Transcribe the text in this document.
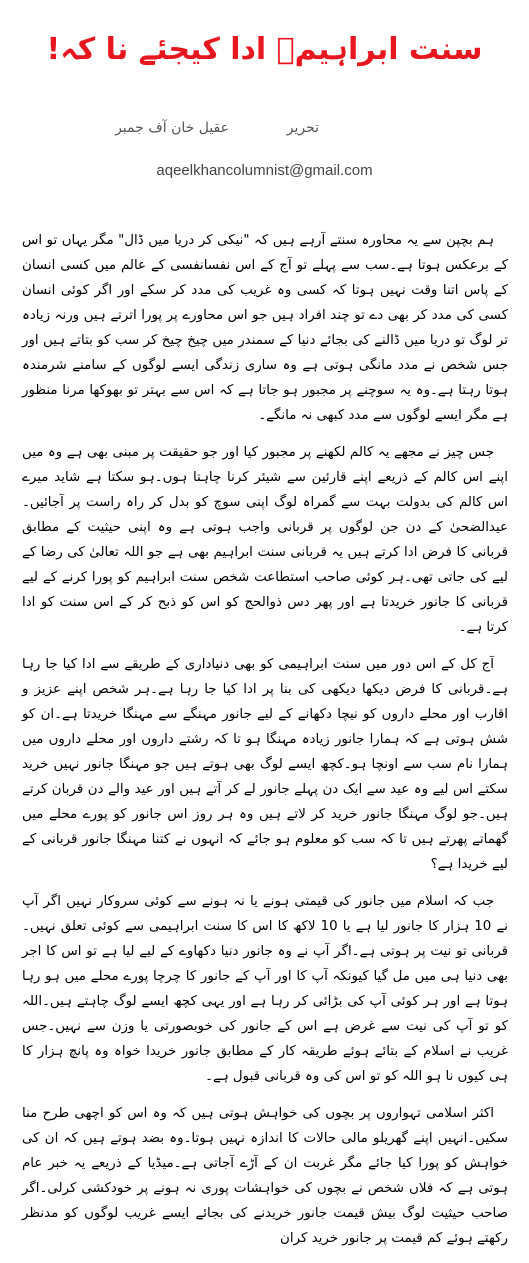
سنت ابراہیمؑ ادا کیجئے نا کہ!
تحریر
عقیل خان آف جمبر
aqeelkhancolumnist@gmail.com

ہم بچپن سے یہ محاورہ سنتے آرہے ہیں کہ "نیکی کر دریا میں ڈال" مگر یہاں تو اس کے برعکس ہوتا ہے۔سب سے پہلے تو آج کے اس نفسانفسی کے عالم میں کسی انسان کے پاس اتنا وقت نہیں ہوتا کہ کسی وہ غریب کی مدد کر سکے اور اگر کوئی انسان کسی کی مدد کر بھی دے تو چند افراد ہیں جو اس محاورے پر پورا اترتے ہیں ورنہ زیادہ تر لوگ تو دریا میں ڈالنے کی بجائے دنیا کے سمندر میں چیخ چیخ کر سب کو بتاتے ہیں اور جس شخص نے مدد مانگی ہوتی ہے وہ ساری زندگی ایسے لوگوں کے سامنے شرمندہ ہوتا رہتا ہے۔وہ یہ سوچنے پر مجبور ہو جاتا ہے کہ اس سے بہتر تو بھوکھا مرنا منظور ہے مگر ایسے لوگوں سے مدد کبھی نہ مانگے۔

جس چیز نے مجھے یہ کالم لکھنے پر مجبور کیا اور جو حقیقت پر مبنی بھی ہے وہ میں اپنے اس کالم کے ذریعے اپنے قارئین سے شیئر کرنا چاہتا ہوں۔ہو سکتا ہے شاید میرے اس کالم کی بدولت بہت سے گمراہ لوگ اپنی سوچ کو بدل کر راہ راست پر آجائیں۔ عیدالضحیٰ کے دن جن لوگوں پر قربانی واجب ہوتی ہے وہ اپنی حیثیت کے مطابق قربانی کا فرض ادا کرتے ہیں یہ قربانی سنت ابراہیم بھی ہے جو اللہ تعالیٰ کی رضا کے لیے کی جاتی تھی۔ہر کوئی صاحب استطاعت شخص سنت ابراہیم کو پورا کرنے کے لیے قربانی کا جانور خریدتا ہے اور پھر دس ذوالحج کو اس کو ذبح کر کے اس سنت کو ادا کرتا ہے۔

آج کل کے اس دور میں سنت ابراہیمی کو بھی دنیاداری کے طریقے سے ادا کیا جا رہا ہے۔قربانی کا فرض دیکھا دیکھی کی بنا پر ادا کیا جا رہا ہے۔ہر شخص اپنے عزیز و اقارب اور محلے داروں کو نیچا دکھانے کے لیے جانور مہنگے سے مہنگا خریدتا ہے۔ان کو شش ہوتی ہے کہ ہمارا جانور زیادہ مہنگا ہو تا کہ رشتے داروں اور محلے داروں میں ہمارا نام سب سے اونچا ہو۔کچھ ایسے لوگ بھی ہوتے ہیں جو مہنگا جانور نہیں خرید سکتے اس لیے وہ عید سے ایک دن پہلے جانور لے کر آتے ہیں اور عید والے دن قربان کرتے ہیں۔جو لوگ مہنگا جانور خرید کر لاتے ہیں وہ ہر روز اس جانور کو پورے محلے میں گھماتے پھرتے ہیں تا کہ سب کو معلوم ہو جائے کہ انہوں نے کتنا مہنگا جانور قربانی کے لیے خریدا ہے؟

جب کہ اسلام میں جانور کی قیمتی ہونے یا نہ ہونے سے کوئی سروکار نہیں اگر آپ نے 10 ہزار کا جانور لیا ہے یا 10 لاکھ کا اس کا سنت ابراہیمی سے کوئی تعلق نہیں۔قربانی تو نیت پر ہوتی ہے۔اگر آپ نے وہ جانور دنیا دکھاوے کے لیے لیا ہے تو اس کا اجر بھی دنیا ہی میں مل گیا کیونکہ آپ کا اور آپ کے جانور کا چرچا پورے محلے میں ہو رہا ہوتا ہے اور ہر کوئی آپ کی بڑائی کر رہا ہے اور یہی کچھ ایسے لوگ چاہتے ہیں۔اللہ کو تو آپ کی نیت سے غرض ہے اس کے جانور کی خوبصورتی یا وزن سے نہیں۔جس غریب نے اسلام کے بتائے ہوئے طریقہ کار کے مطابق جانور خریدا خواہ وہ پانچ ہزار کا ہی کیوں نا ہو اللہ کو تو اس کی وہ قربانی قبول ہے۔

اکثر اسلامی تہواروں پر بچوں کی خواہش ہوتی ہیں کہ وہ اس کو اچھی طرح منا سکیں۔انہیں اپنے گھریلو مالی حالات کا اندازہ نہیں ہوتا۔وہ بضد ہوتے ہیں کہ ان کی خواہش کو پورا کیا جائے مگر غربت ان کے آڑے آجاتی ہے۔میڈیا کے ذریعے یہ خبر عام ہوتی ہے کہ فلاں شخص نے بچوں کی خواہشات پوری نہ ہونے پر خودکشی کرلی۔اگر صاحب حیثیت لوگ بیش قیمت جانور خریدنے کی بجائے ایسے غریب لوگوں کو مدنظر رکھتے ہوئے کم قیمت پر جانور خرید کران
